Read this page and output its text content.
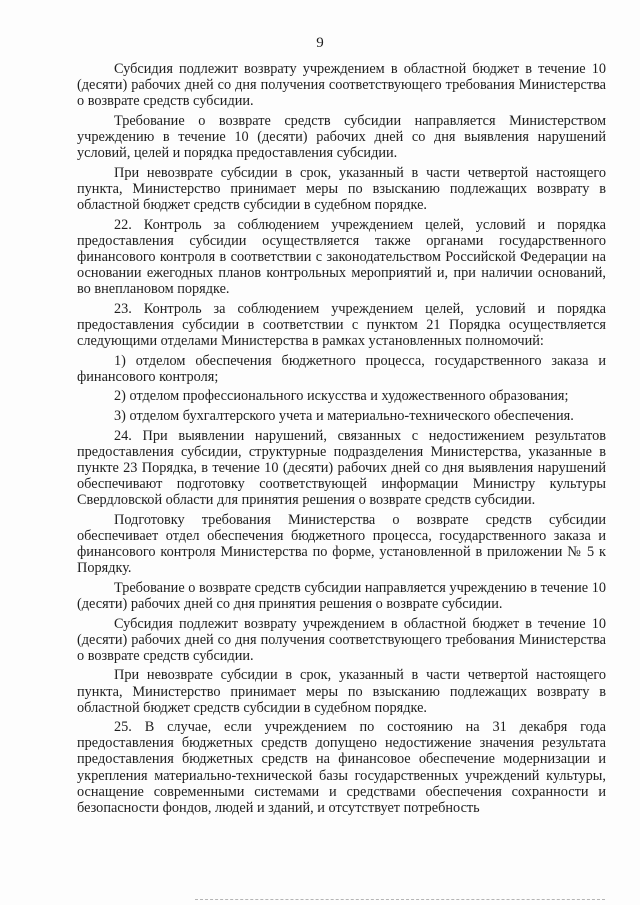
9

Субсидия подлежит возврату учреждением в областной бюджет в течение 10 (десяти) рабочих дней со дня получения соответствующего требования Министерства о возврате средств субсидии.

Требование о возврате средств субсидии направляется Министерством учреждению в течение 10 (десяти) рабочих дней со дня выявления нарушений условий, целей и порядка предоставления субсидии.

При невозврате субсидии в срок, указанный в части четвертой настоящего пункта, Министерство принимает меры по взысканию подлежащих возврату в областной бюджет средств субсидии в судебном порядке.

22. Контроль за соблюдением учреждением целей, условий и порядка предоставления субсидии осуществляется также органами государственного финансового контроля в соответствии с законодательством Российской Федерации на основании ежегодных планов контрольных мероприятий и, при наличии оснований, во внеплановом порядке.

23. Контроль за соблюдением учреждением целей, условий и порядка предоставления субсидии в соответствии с пунктом 21 Порядка осуществляется следующими отделами Министерства в рамках установленных полномочий:

1) отделом обеспечения бюджетного процесса, государственного заказа и финансового контроля;

2) отделом профессионального искусства и художественного образования;

3) отделом бухгалтерского учета и материально-технического обеспечения.

24. При выявлении нарушений, связанных с недостижением результатов предоставления субсидии, структурные подразделения Министерства, указанные в пункте 23 Порядка, в течение 10 (десяти) рабочих дней со дня выявления нарушений обеспечивают подготовку соответствующей информации Министру культуры Свердловской области для принятия решения о возврате средств субсидии.

Подготовку требования Министерства о возврате средств субсидии обеспечивает отдел обеспечения бюджетного процесса, государственного заказа и финансового контроля Министерства по форме, установленной в приложении № 5 к Порядку.

Требование о возврате средств субсидии направляется учреждению в течение 10 (десяти) рабочих дней со дня принятия решения о возврате субсидии.

Субсидия подлежит возврату учреждением в областной бюджет в течение 10 (десяти) рабочих дней со дня получения соответствующего требования Министерства о возврате средств субсидии.

При невозврате субсидии в срок, указанный в части четвертой настоящего пункта, Министерство принимает меры по взысканию подлежащих возврату в областной бюджет средств субсидии в судебном порядке.

25. В случае, если учреждением по состоянию на 31 декабря года предоставления бюджетных средств допущено недостижение значения результата предоставления бюджетных средств на финансовое обеспечение модернизации и укрепления материально-технической базы государственных учреждений культуры, оснащение современными системами и средствами обеспечения сохранности и безопасности фондов, людей и зданий, и отсутствует потребность
